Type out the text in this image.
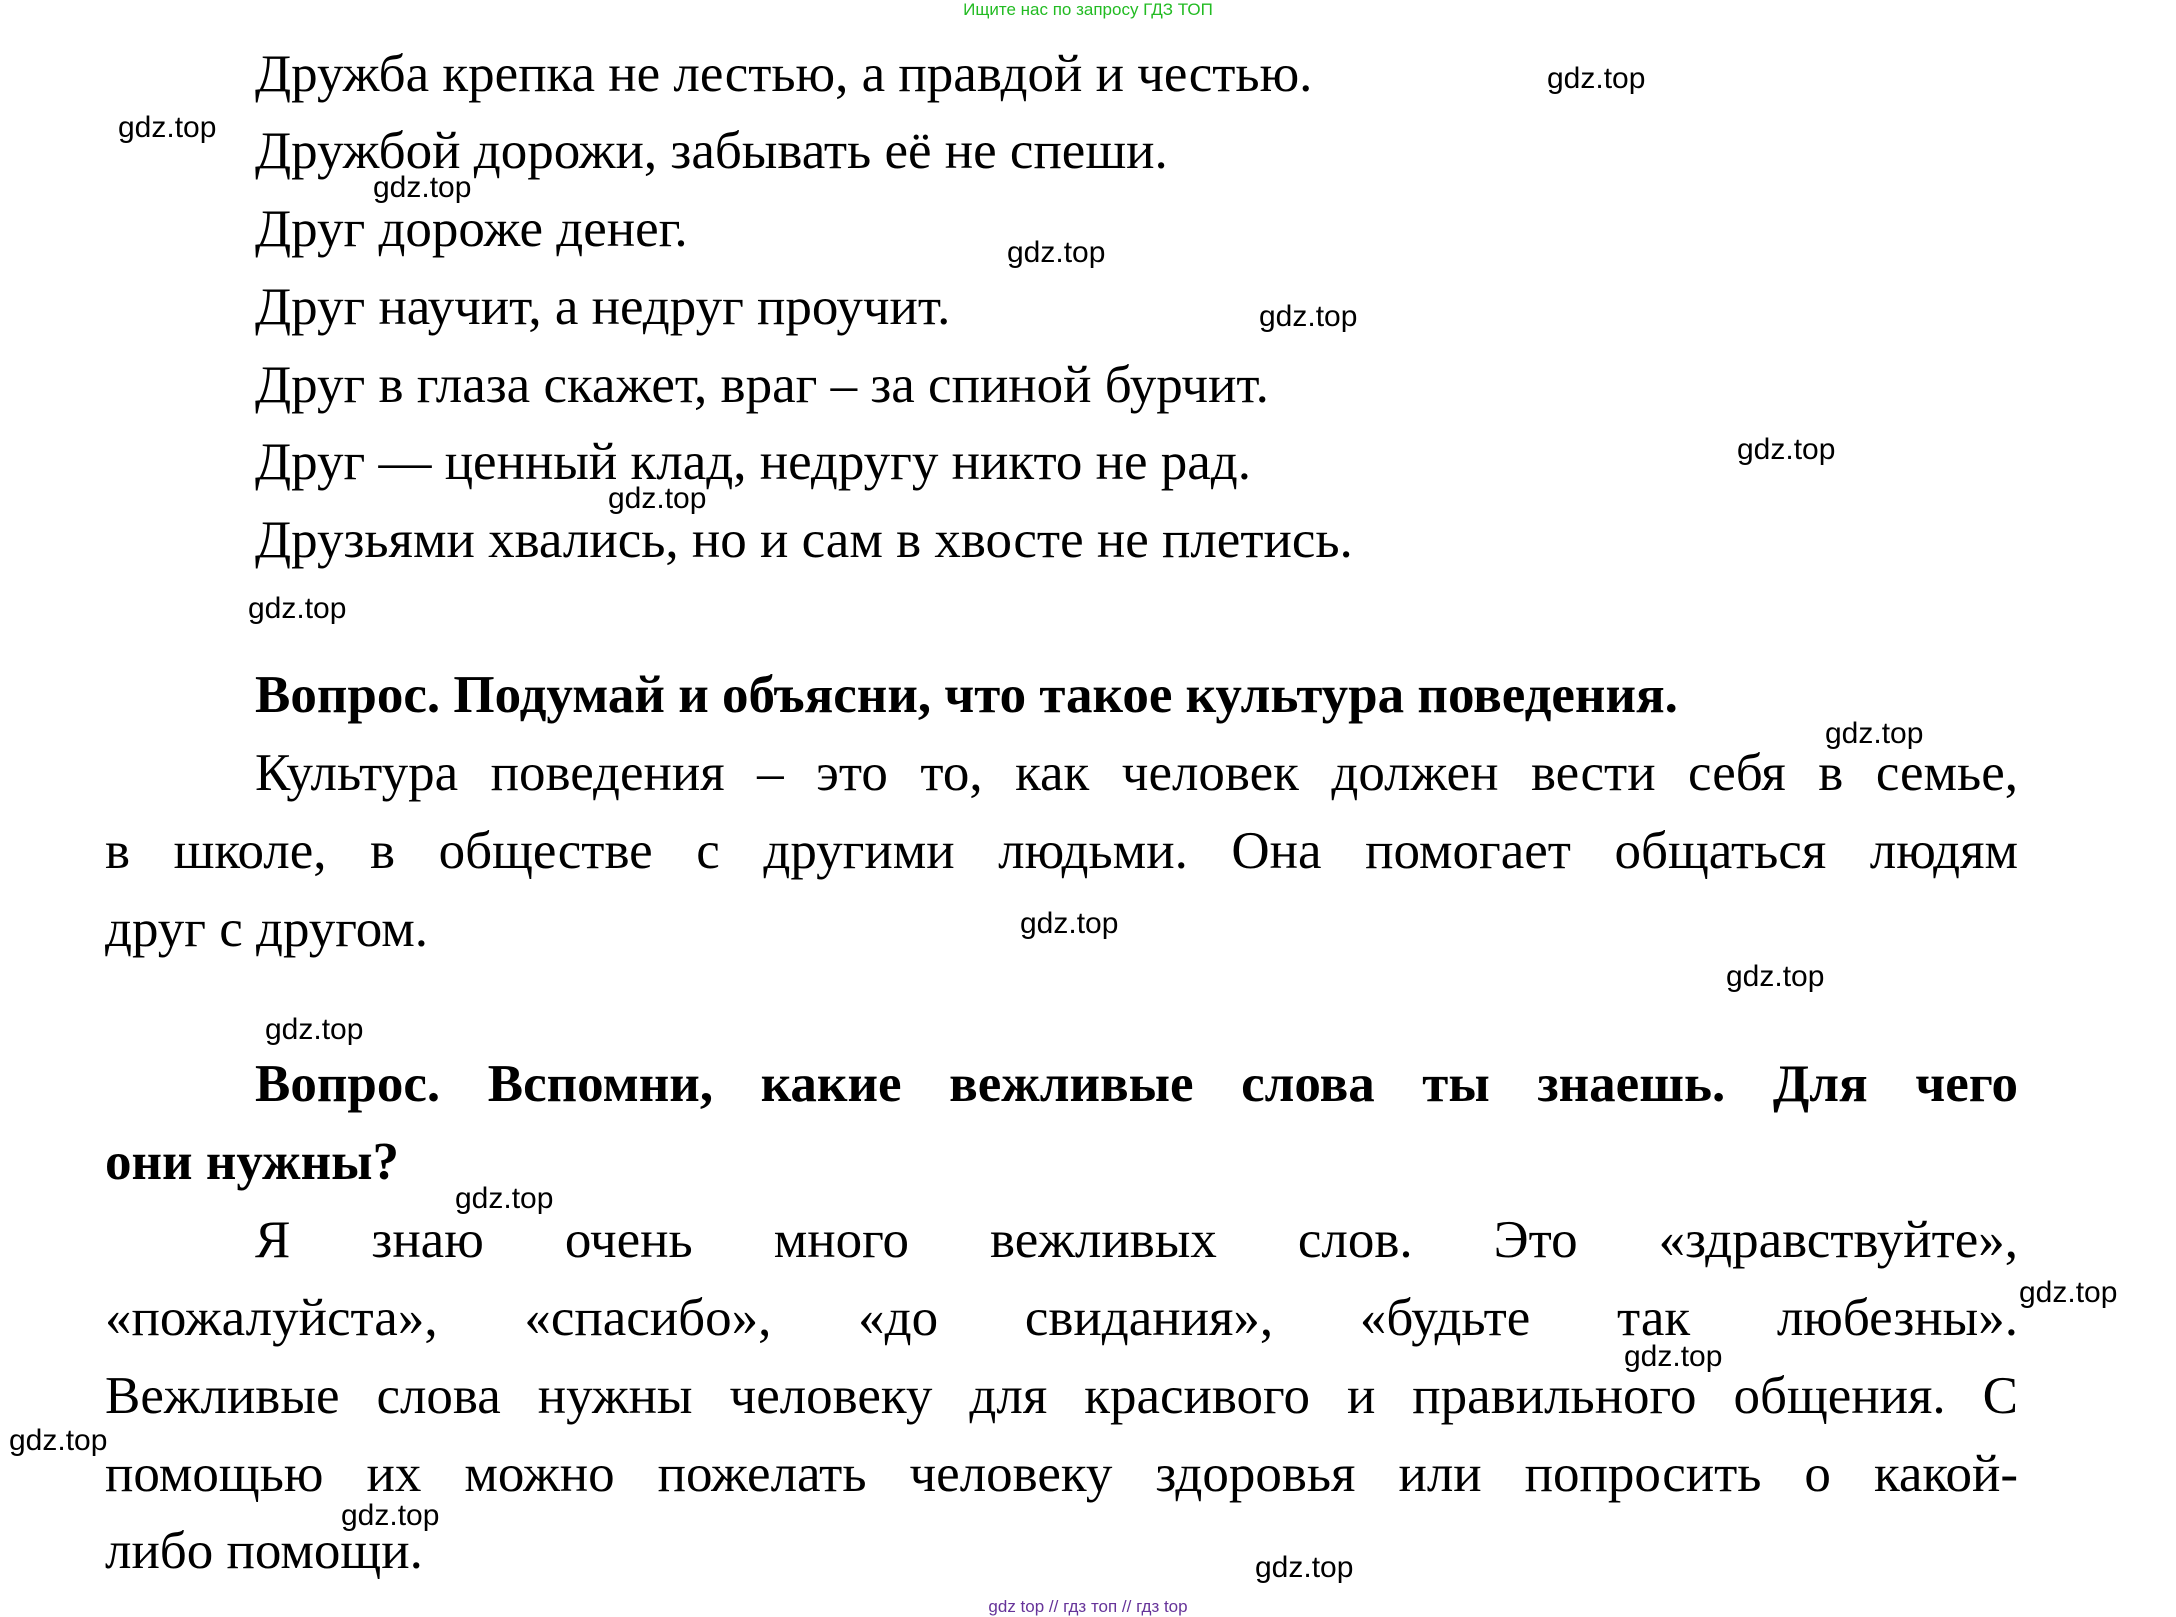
Ищите нас по запросу ГДЗ ТОП

Дружба крепка не лестью, а правдой и честью.

Дружбой дорожи, забывать её не спеши.

Друг дороже денег.

Друг научит, а недруг проучит.

Друг в глаза скажет, враг – за спиной бурчит.

Друг — ценный клад, недругу никто не рад.

Друзьями хвались, но и сам в хвосте не плетись.

Вопрос. Подумай и объясни, что такое культура поведения.

Культура поведения – это то, как человек должен вести себя в семье,

в школе, в обществе с другими людьми. Она помогает общаться людям

друг с другом.

Вопрос. Вспомни, какие вежливые слова ты знаешь. Для чего

они нужны?

Я знаю очень много вежливых слов. Это «здравствуйте»,

«пожалуйста», «спасибо», «до свидания», «будьте так любезны».

Вежливые слова нужны человеку для красивого и правильного общения. С

помощью их можно пожелать человеку здоровья или попросить о какой-

либо помощи.

gdz.top
gdz.top
gdz.top
gdz.top
gdz.top
gdz.top
gdz.top
gdz.top
gdz.top
gdz.top
gdz.top
gdz.top
gdz.top
gdz.top
gdz.top
gdz.top
gdz.top
gdz.top
gdz top // гдз топ // гдз top
